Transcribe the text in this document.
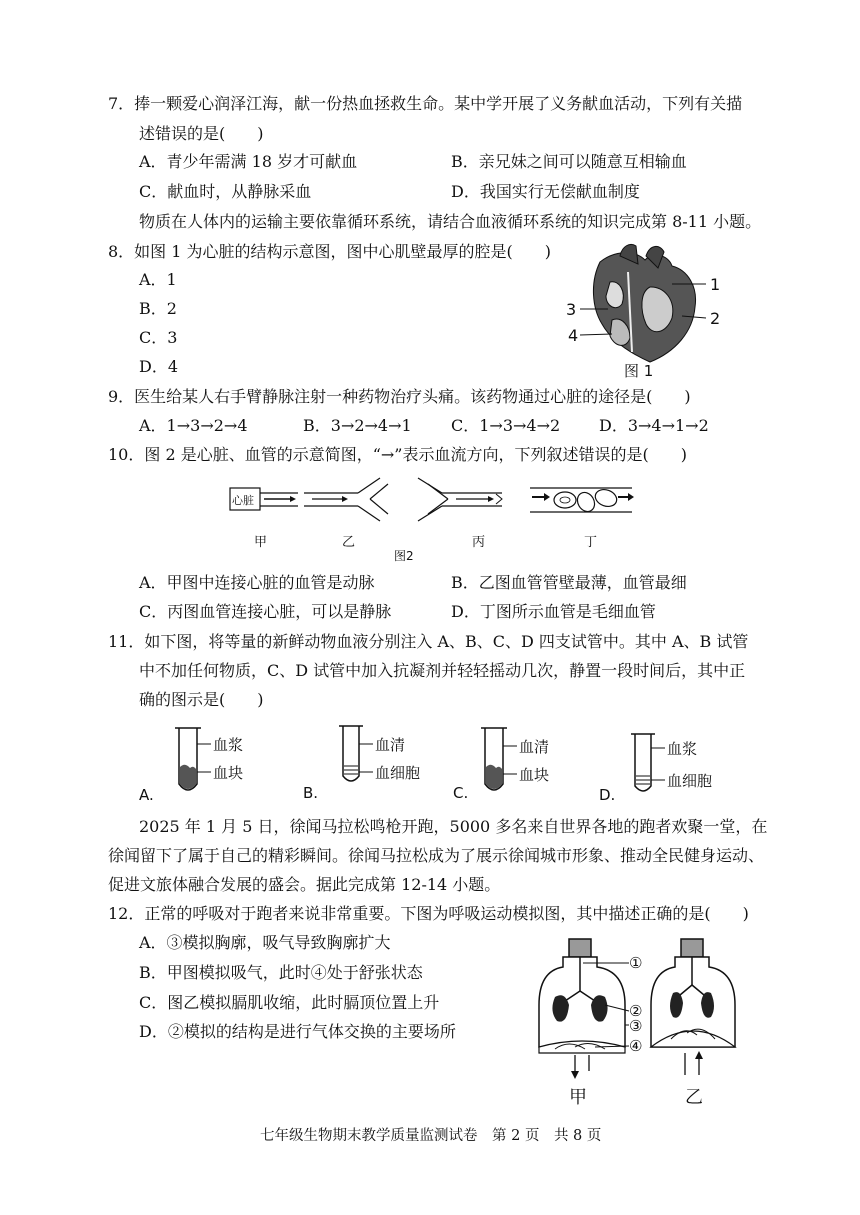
7．捧一颗爱心润泽江海，献一份热血拯救生命。某中学开展了义务献血活动，下列有关描
述错误的是(　　)
A．青少年需满 18 岁才可献血	B．亲兄妹之间可以随意互相输血
C．献血时，从静脉采血	D．我国实行无偿献血制度
物质在人体内的运输主要依靠循环系统，请结合血液循环系统的知识完成第 8-11 小题。
8．如图 1 为心脏的结构示意图，图中心肌壁最厚的腔是(　　)
A．1
B．2
C．3
D．4
1
2
3
4
图 1
9．医生给某人右手臂静脉注射一种药物治疗头痛。该药物通过心脏的途径是(　　)
A．1→3→2→4	B．3→2→4→1 C．1→3→4→2 D．3→4→1→2
10．图 2 是心脏、血管的示意简图，“→”表示血流方向，下列叙述错误的是(　　)
心脏
甲	乙	丙	丁
图2
A．甲图中连接心脏的血管是动脉	B．乙图血管管壁最薄，血管最细
C．丙图血管连接心脏，可以是静脉	D．丁图所示血管是毛细血管
11．如下图，将等量的新鲜动物血液分别注入 A、B、C、D 四支试管中。其中 A、B 试管
中不加任何物质，C、D 试管中加入抗凝剂并轻轻摇动几次，静置一段时间后，其中正
确的图示是(　　)
A.
血浆
血块
B.
血清
血细胞
C.
血清
血块
D.
血浆
血细胞
2025 年 1 月 5 日，徐闻马拉松鸣枪开跑，5000 多名来自世界各地的跑者欢聚一堂，在
徐闻留下了属于自己的精彩瞬间。徐闻马拉松成为了展示徐闻城市形象、推动全民健身运动、
促进文旅体融合发展的盛会。据此完成第 12-14 小题。
12．正常的呼吸对于跑者来说非常重要。下图为呼吸运动模拟图，其中描述正确的是(　　)
A．③模拟胸廓，吸气导致胸廓扩大
B．甲图模拟吸气，此时④处于舒张状态
C．图乙模拟膈肌收缩，此时膈顶位置上升
D．②模拟的结构是进行气体交换的主要场所
①
②
③
④
甲	乙
七年级生物期末教学质量监测试卷　第 2 页　共 8 页
